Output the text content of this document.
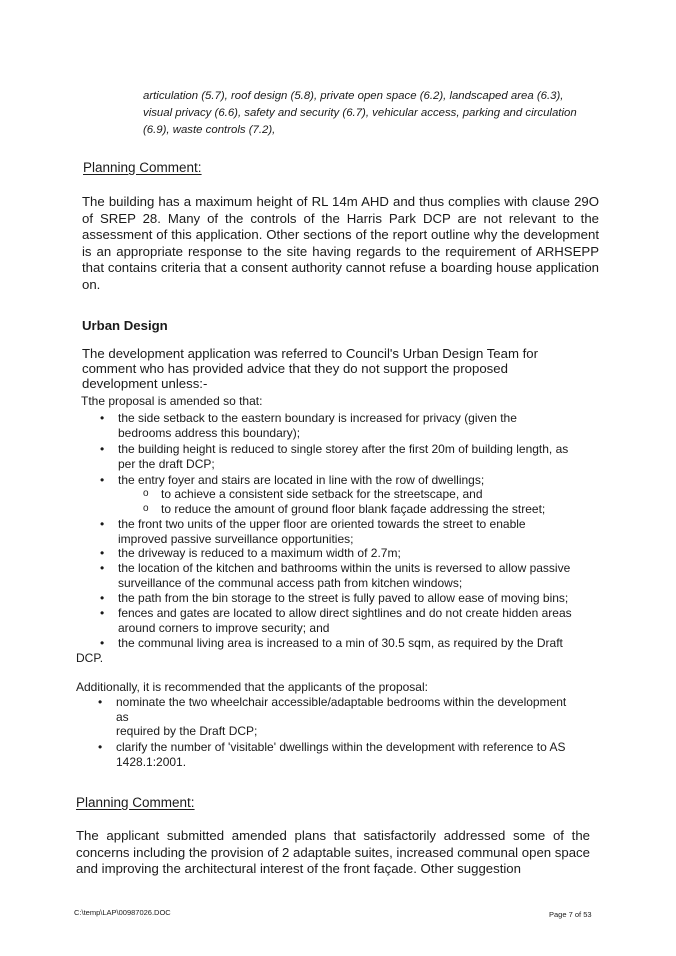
articulation (5.7), roof design (5.8), private open space (6.2), landscaped area (6.3), visual privacy (6.6), safety and security (6.7), vehicular access, parking and circulation (6.9), waste controls (7.2),

Planning Comment:

The building has a maximum height of RL 14m AHD and thus complies with clause 29O of SREP 28. Many of the controls of the Harris Park DCP are not relevant to the assessment of this application. Other sections of the report outline why the development is an appropriate response to the site having regards to the requirement of ARHSEPP that contains criteria that a consent authority cannot refuse a boarding house application on.

Urban Design
The development application was referred to Council's Urban Design Team for
comment who has provided advice that they do not support the proposed
development unless:-
Tthe proposal is amended so that:
• the side setback to the eastern boundary is increased for privacy (given the
bedrooms address this boundary);
• the building height is reduced to single storey after the first 20m of building length, as
per the draft DCP;
• the entry foyer and stairs are located in line with the row of dwellings;
o to achieve a consistent side setback for the streetscape, and
o to reduce the amount of ground floor blank façade addressing the street;
• the front two units of the upper floor are oriented towards the street to enable
improved passive surveillance opportunities;
• the driveway is reduced to a maximum width of 2.7m;
• the location of the kitchen and bathrooms within the units is reversed to allow passive
surveillance of the communal access path from kitchen windows;
• the path from the bin storage to the street is fully paved to allow ease of moving bins;
• fences and gates are located to allow direct sightlines and do not create hidden areas
around corners to improve security; and
• the communal living area is increased to a min of 30.5 sqm, as required by the Draft
DCP.
Additionally, it is recommended that the applicants of the proposal:
• nominate the two wheelchair accessible/adaptable bedrooms within the development
as
required by the Draft DCP;
• clarify the number of 'visitable' dwellings within the development with reference to AS
1428.1:2001.
Planning Comment:

The applicant submitted amended plans that satisfactorily addressed some of the concerns including the provision of 2 adaptable suites, increased communal open space and improving the architectural interest of the front façade. Other suggestion

C:\temp\LAP\00987026.DOC	Page 7 of 53
